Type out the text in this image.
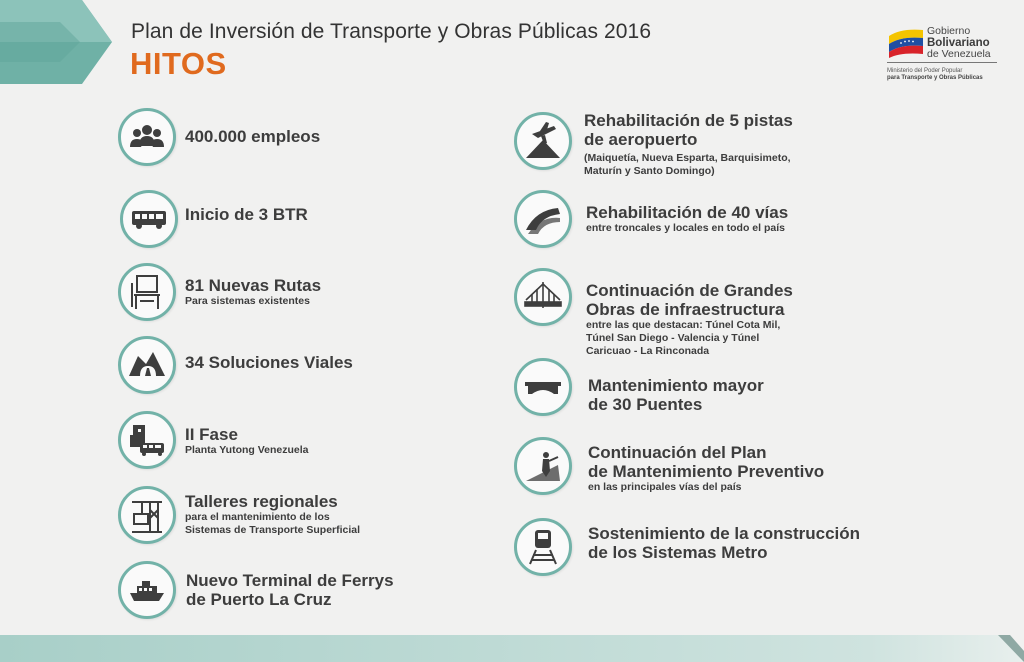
Plan de Inversión de Transporte y Obras Públicas 2016
HITOS
Gobierno
Bolivariano
de Venezuela
Ministerio del Poder Popular
para Transporte y Obras Públicas
400.000 empleos
Inicio de 3 BTR
81 Nuevas Rutas
Para sistemas existentes
34 Soluciones Viales
II Fase
Planta Yutong Venezuela
Talleres regionales
para el mantenimiento de los
Sistemas de Transporte Superficial
Nuevo Terminal de Ferrys
de Puerto La Cruz
Rehabilitación de 5 pistas
de aeropuerto
(Maiquetía, Nueva Esparta, Barquisimeto,
Maturín y Santo Domingo)
Rehabilitación de 40 vías
entre troncales y locales en todo el país
Continuación de Grandes
Obras de infraestructura
entre las que destacan: Túnel Cota Mil,
Túnel San Diego - Valencia y Túnel
Caricuao - La Rinconada
Mantenimiento mayor
de 30 Puentes
Continuación del Plan
de Mantenimiento Preventivo
en las principales vías del país
Sostenimiento de la construcción
de los Sistemas Metro
